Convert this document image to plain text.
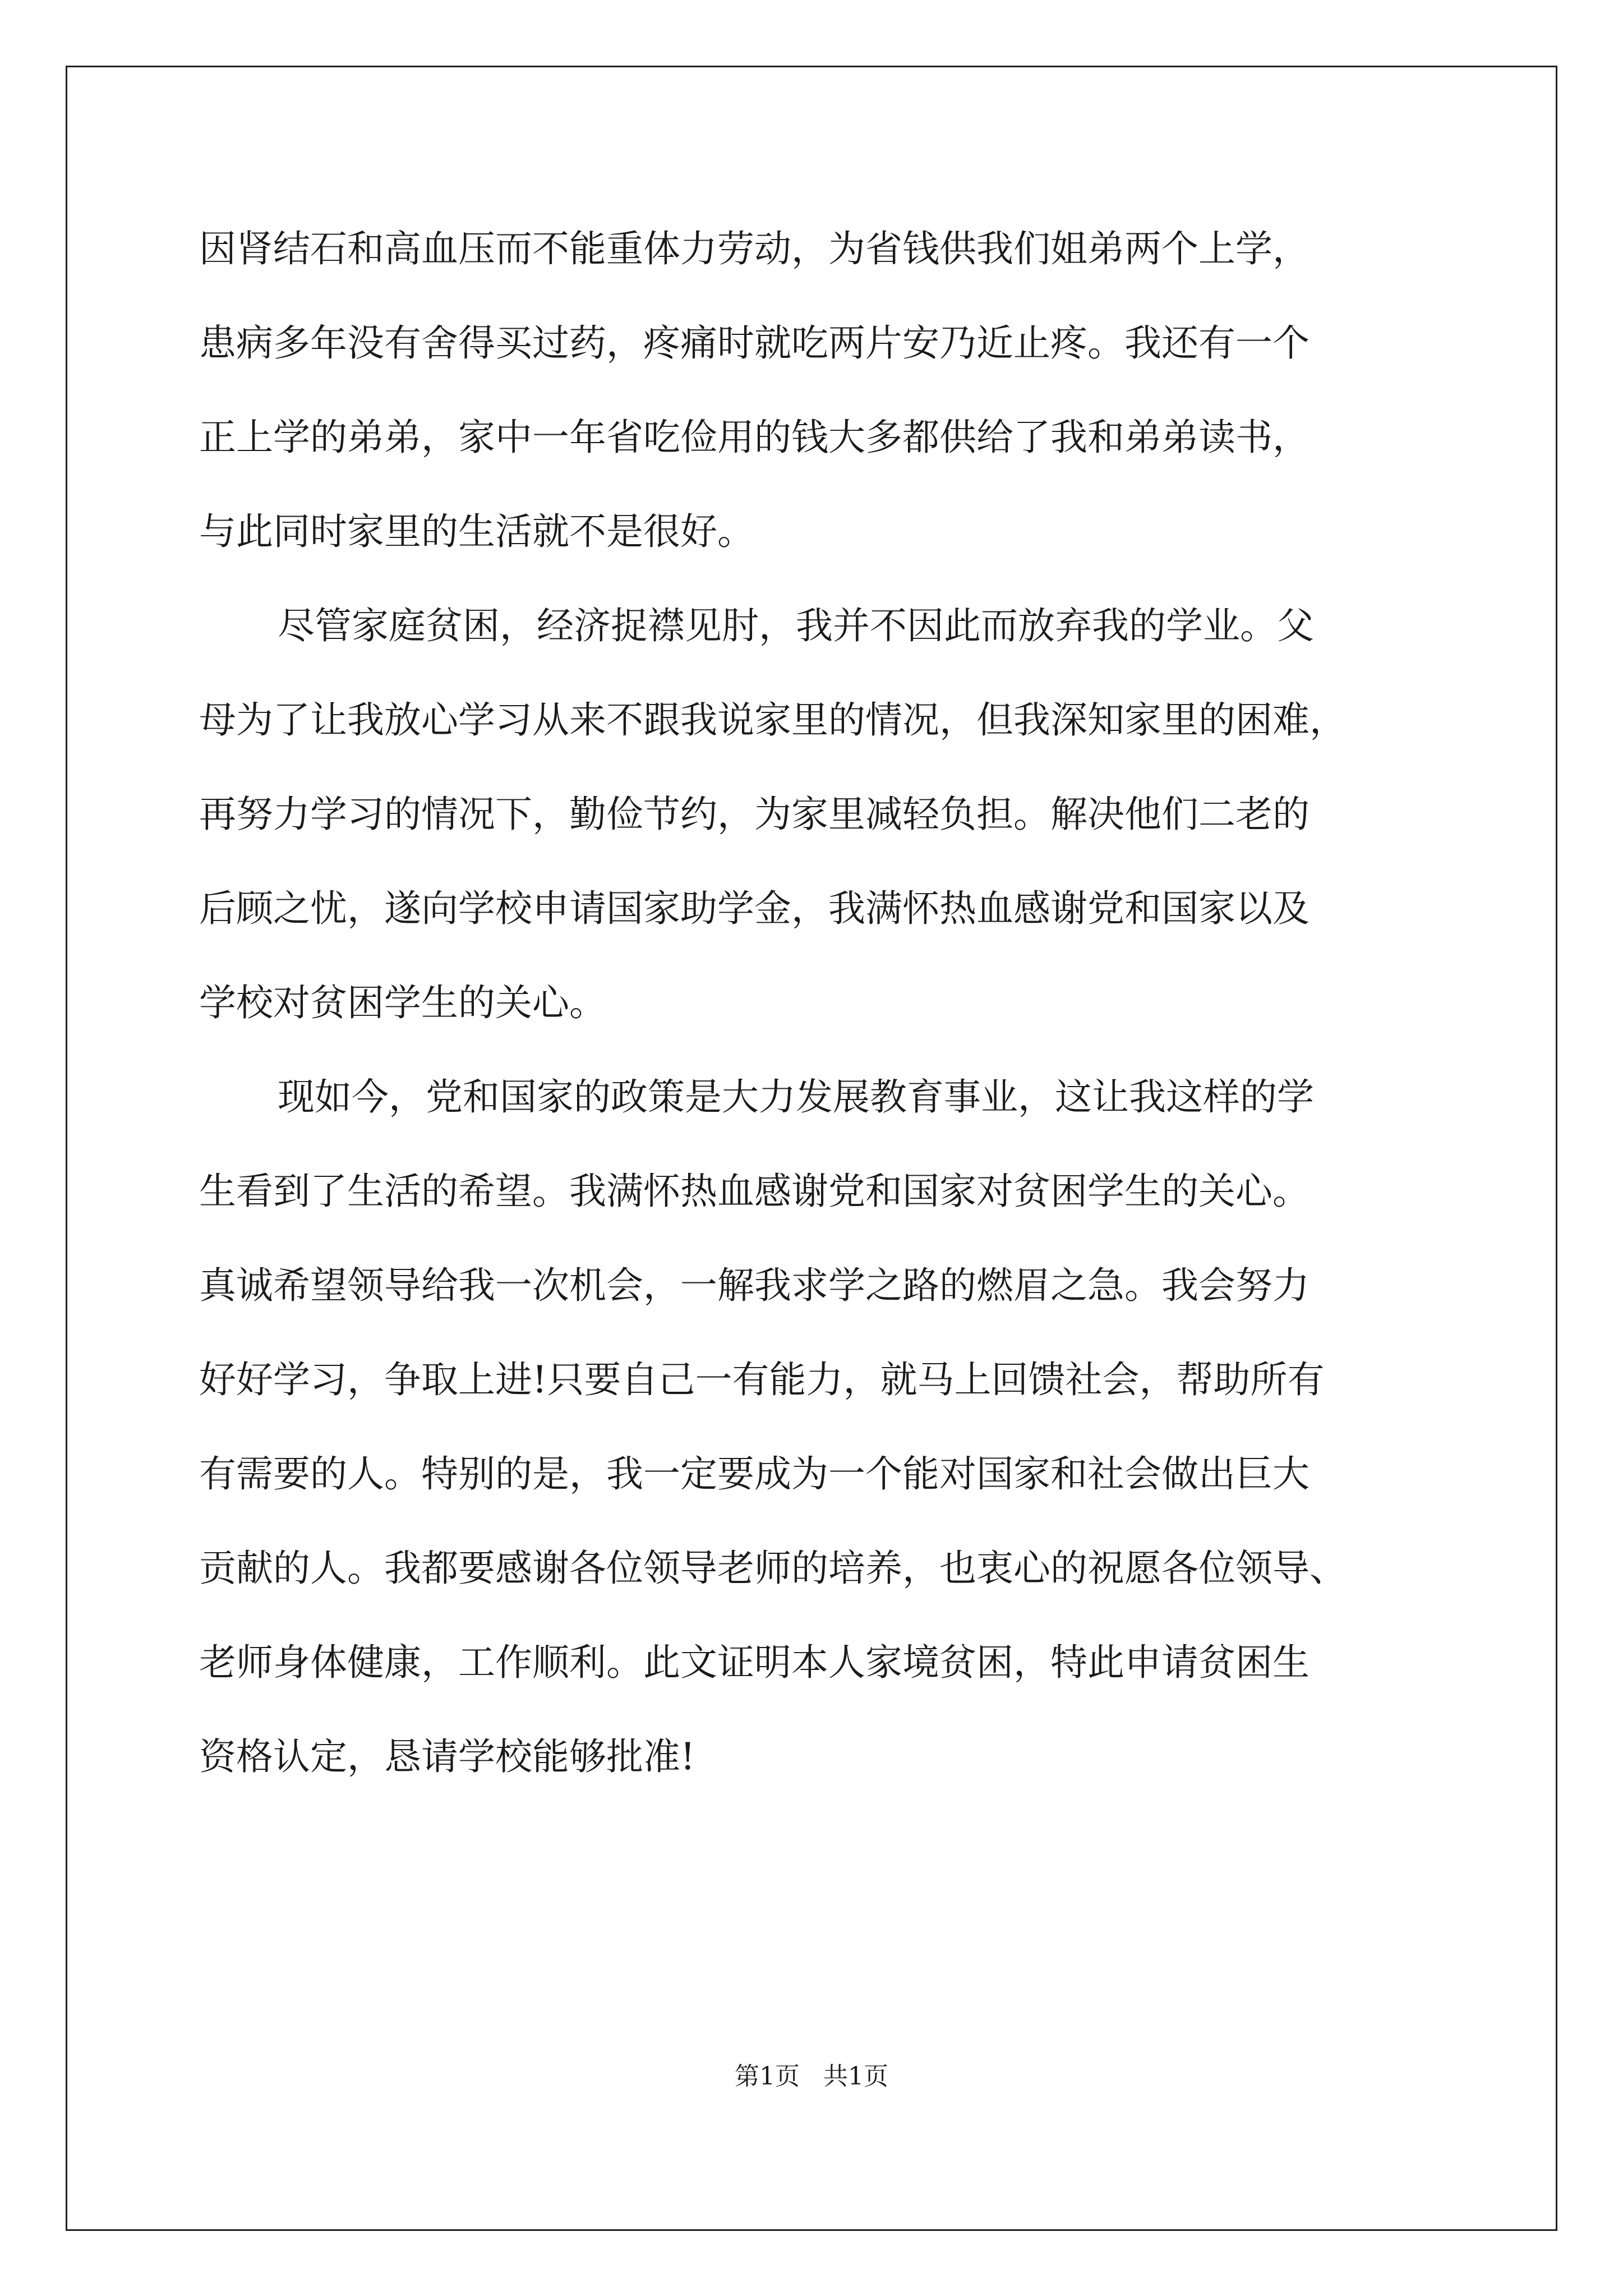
因肾结石和高血压而不能重体力劳动，为省钱供我们姐弟两个上学，
患病多年没有舍得买过药，疼痛时就吃两片安乃近止疼。我还有一个
正上学的弟弟，家中一年省吃俭用的钱大多都供给了我和弟弟读书，
与此同时家里的生活就不是很好。
尽管家庭贫困，经济捉襟见肘，我并不因此而放弃我的学业。父
母为了让我放心学习从来不跟我说家里的情况，但我深知家里的困难，
再努力学习的情况下，勤俭节约，为家里减轻负担。解决他们二老的
后顾之忧，遂向学校申请国家助学金，我满怀热血感谢党和国家以及
学校对贫困学生的关心。
现如今，党和国家的政策是大力发展教育事业，这让我这样的学
生看到了生活的希望。我满怀热血感谢党和国家对贫困学生的关心。
真诚希望领导给我一次机会，一解我求学之路的燃眉之急。我会努力
好好学习，争取上进!只要自己一有能力，就马上回馈社会，帮助所有
有需要的人。特别的是，我一定要成为一个能对国家和社会做出巨大
贡献的人。我都要感谢各位领导老师的培养，也衷心的祝愿各位领导、
老师身体健康，工作顺利。此文证明本人家境贫困，特此申请贫困生
资格认定，恳请学校能够批准!
第1页   共1页
